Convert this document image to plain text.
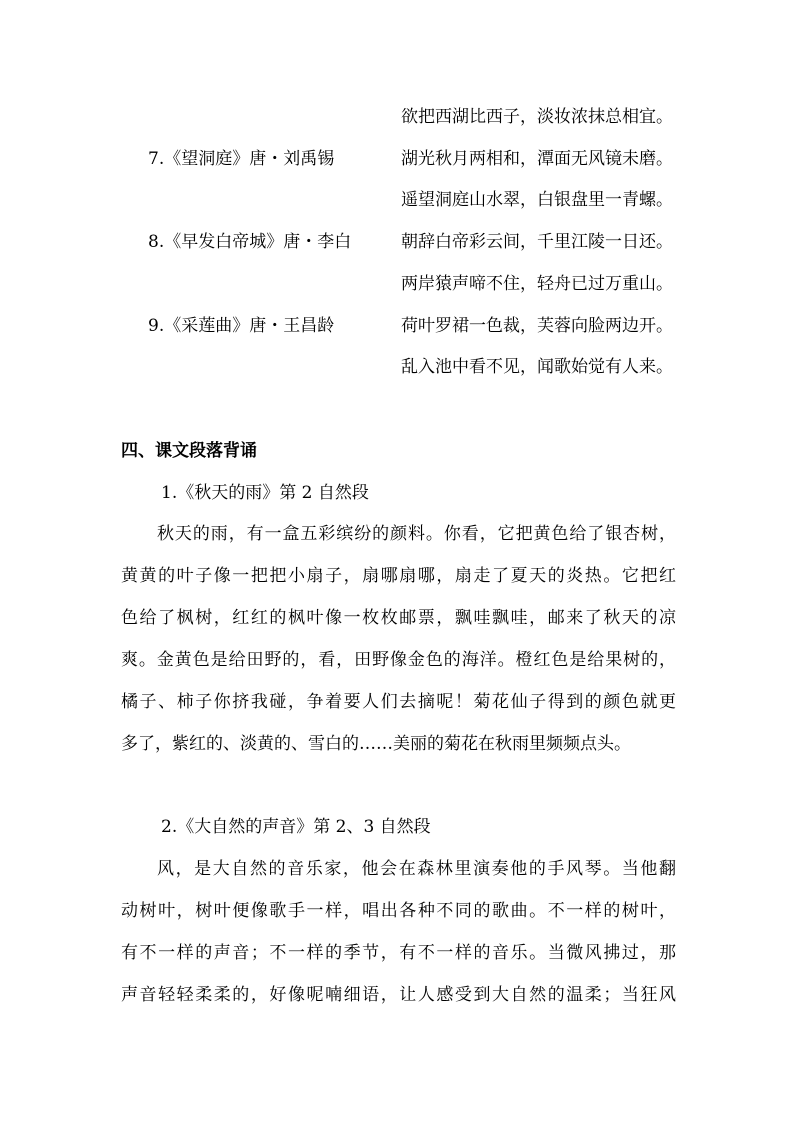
欲把西湖比西子，淡妆浓抹总相宜。
7.《望洞庭》唐・刘禹锡	湖光秋月两相和，潭面无风镜未磨。
遥望洞庭山水翠，白银盘里一青螺。
8.《早发白帝城》唐・李白	朝辞白帝彩云间，千里江陵一日还。
两岸猿声啼不住，轻舟已过万重山。
9.《采莲曲》唐・王昌龄	荷叶罗裙一色裁，芙蓉向脸两边开。
乱入池中看不见，闻歌始觉有人来。
四、课文段落背诵
1.《秋天的雨》第 2 自然段
秋天的雨，有一盒五彩缤纷的颜料。你看，它把黄色给了银杏树，
黄黄的叶子像一把把小扇子，扇哪扇哪，扇走了夏天的炎热。它把红
色给了枫树，红红的枫叶像一枚枚邮票，飘哇飘哇，邮来了秋天的凉
爽。金黄色是给田野的，看，田野像金色的海洋。橙红色是给果树的，
橘子、柿子你挤我碰，争着要人们去摘呢！菊花仙子得到的颜色就更
多了，紫红的、淡黄的、雪白的……美丽的菊花在秋雨里频频点头。
2.《大自然的声音》第 2、3 自然段
风，是大自然的音乐家，他会在森林里演奏他的手风琴。当他翻
动树叶，树叶便像歌手一样，唱出各种不同的歌曲。不一样的树叶，
有不一样的声音；不一样的季节，有不一样的音乐。当微风拂过，那
声音轻轻柔柔的，好像呢喃细语，让人感受到大自然的温柔；当狂风
